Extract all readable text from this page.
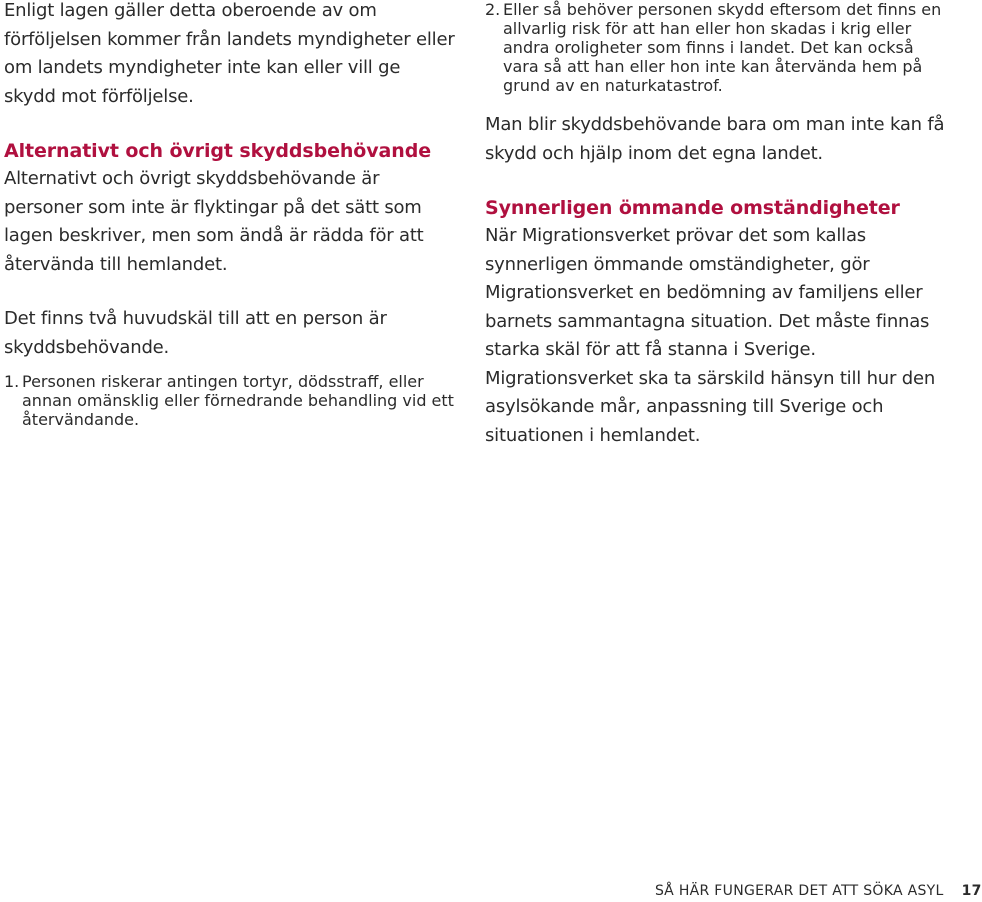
Enligt lagen gäller detta oberoende av om förföljelsen kommer från landets myndigheter eller om landets myndigheter inte kan eller vill ge skydd mot förföljelse.

Alternativt och övrigt skyddsbehövande

Alternativt och övrigt skyddsbehövande är personer som inte är flyktingar på det sätt som lagen beskriver, men som ändå är rädda för att återvända till hemlandet.

Det finns två huvudskäl till att en person är skyddsbehövande.

1. Personen riskerar antingen tortyr, dödsstraff, eller annan omänsklig eller förnedrande behandling vid ett återvändande.
2. Eller så behöver personen skydd eftersom det finns en allvarlig risk för att han eller hon skadas i krig eller andra oroligheter som finns i landet. Det kan också vara så att han eller hon inte kan återvända hem på grund av en naturkatastrof.

Man blir skyddsbehövande bara om man inte kan få skydd och hjälp inom det egna landet.

Synnerligen ömmande omständigheter

När Migrationsverket prövar det som kallas synnerligen ömmande omständigheter, gör Migrationsverket en bedömning av familjens eller barnets sammantagna situation. Det måste finnas starka skäl för att få stanna i Sverige. Migrationsverket ska ta särskild hänsyn till hur den asylsökande mår, anpassning till Sverige och situationen i hemlandet.

SÅ HÄR FUNGERAR DET ATT SÖKA ASYL 17
